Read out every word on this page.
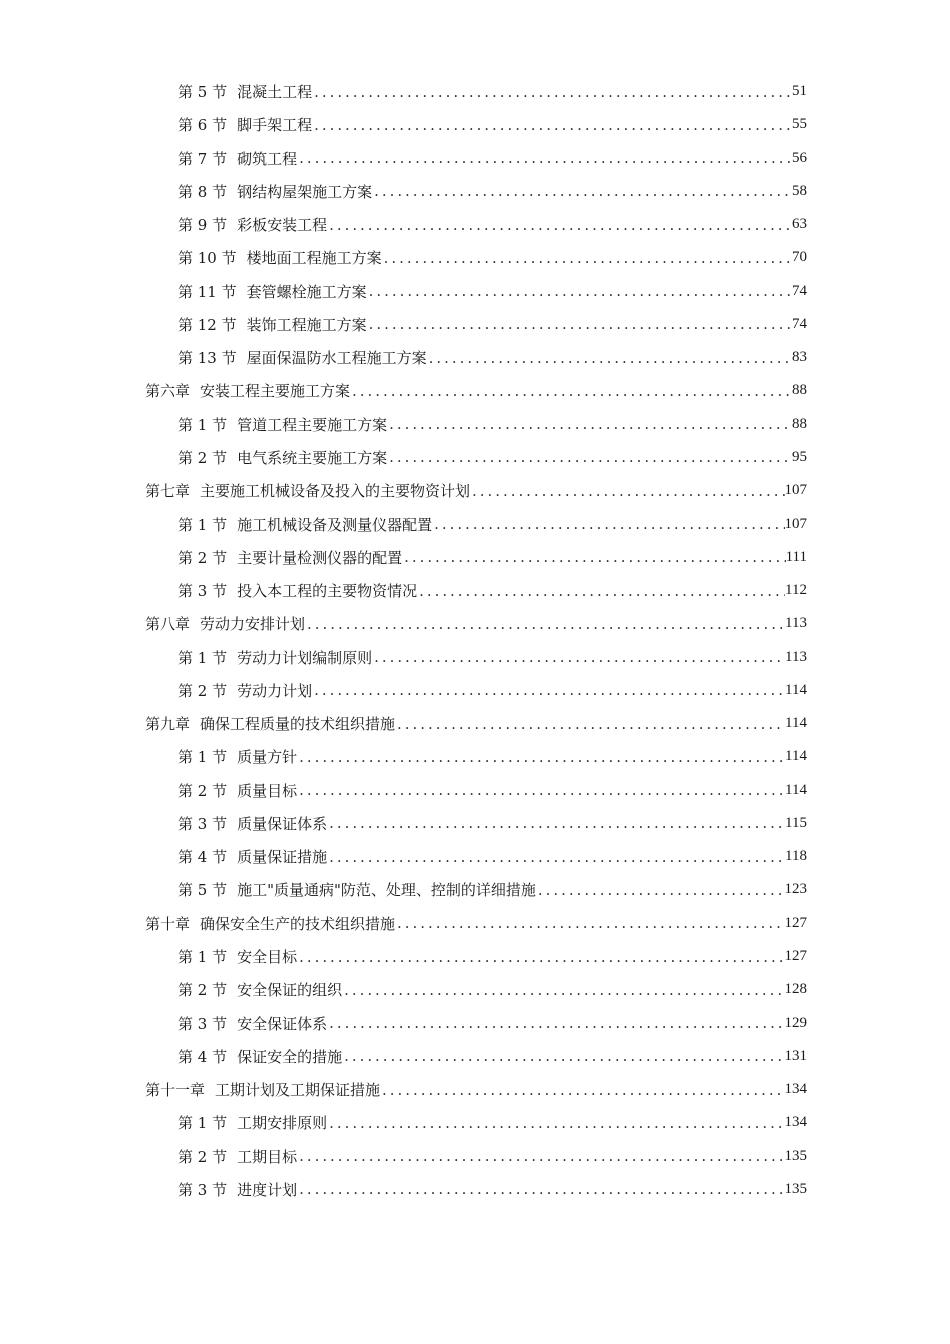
第 5 节 混凝土工程 . . .	51
第 6 节 脚手架工程 . . .	55
第 7 节 砌筑工程 . . .	56
第 8 节 钢结构屋架施工方案 . . .	58
第 9 节 彩板安装工程 . . .	63
第 10 节 楼地面工程施工方案 . . .	70
第 11 节 套管螺栓施工方案 . . .	74
第 12 节 装饰工程施工方案 . . .	74
第 13 节 屋面保温防水工程施工方案 . . .	83
第六章 安装工程主要施工方案 . . .	88
第 1 节 管道工程主要施工方案 . . .	88
第 2 节 电气系统主要施工方案 . . .	95
第七章 主要施工机械设备及投入的主要物资计划 . . .	107
第 1 节 施工机械设备及测量仪器配置 . . .	107
第 2 节 主要计量检测仪器的配置 . . .	111
第 3 节 投入本工程的主要物资情况 . . .	112
第八章 劳动力安排计划 . . .	113
第 1 节 劳动力计划编制原则 . . .	113
第 2 节 劳动力计划 . . .	114
第九章 确保工程质量的技术组织措施 . . .	114
第 1 节 质量方针 . . .	114
第 2 节 质量目标 . . .	114
第 3 节 质量保证体系 . . .	115
第 4 节 质量保证措施 . . .	118
第 5 节 施工"质量通病"防范、处理、控制的详细措施 . . .	123
第十章 确保安全生产的技术组织措施 . . .	127
第 1 节 安全目标 . . .	127
第 2 节 安全保证的组织 . . .	128
第 3 节 安全保证体系 . . .	129
第 4 节 保证安全的措施 . . .	131
第十一章 工期计划及工期保证措施 . . .	134
第 1 节 工期安排原则 . . .	134
第 2 节 工期目标 . . .	135
第 3 节 进度计划 . . .	135
